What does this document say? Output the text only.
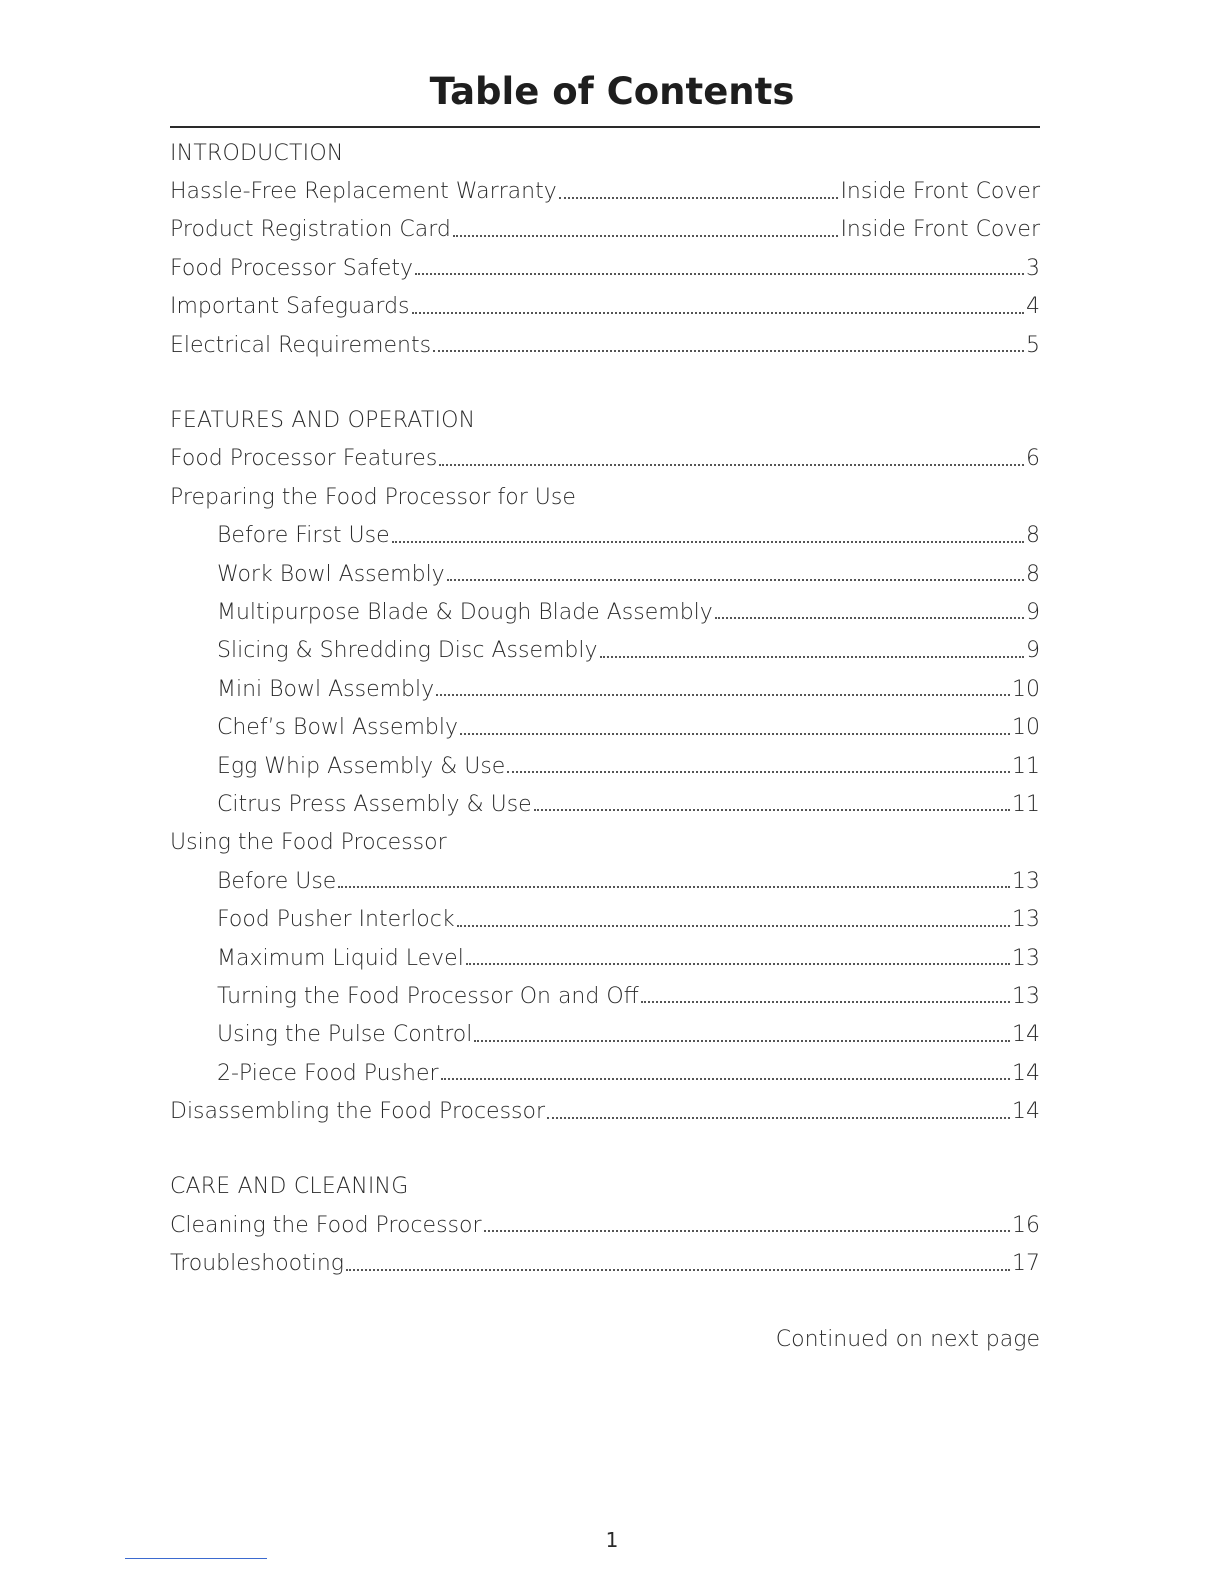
Table of Contents
INTRODUCTION
Hassle-Free Replacement Warranty	Inside Front Cover
Product Registration Card	Inside Front Cover
Food Processor Safety	3
Important Safeguards	4
Electrical Requirements	5
FEATURES AND OPERATION
Food Processor Features	6
Preparing the Food Processor for Use
Before First Use	8
Work Bowl Assembly	8
Multipurpose Blade & Dough Blade Assembly	9
Slicing & Shredding Disc Assembly	9
Mini Bowl Assembly	10
Chef’s Bowl Assembly	10
Egg Whip Assembly & Use	11
Citrus Press Assembly & Use	11
Using the Food Processor
Before Use	13
Food Pusher Interlock	13
Maximum Liquid Level	13
Turning the Food Processor On and Off	13
Using the Pulse Control	14
2-Piece Food Pusher	14
Disassembling the Food Processor	14
CARE AND CLEANING
Cleaning the Food Processor	16
Troubleshooting	17
Continued on next page
1
